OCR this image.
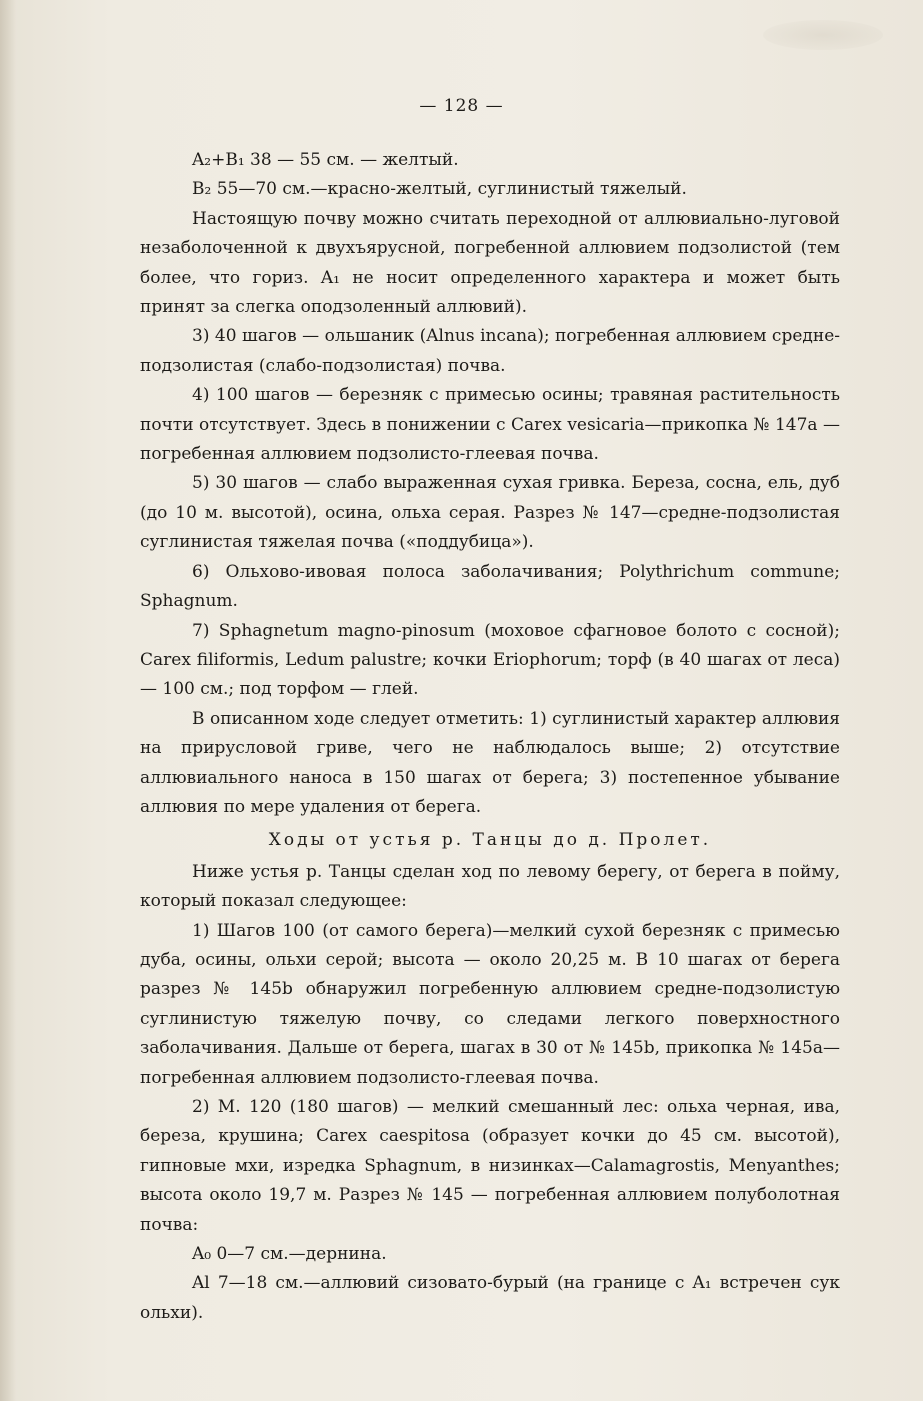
— 128 —

A₂+B₁ 38 — 55 см. — желтый.

B₂ 55—70 см.—красно-желтый, суглинистый тяжелый.

Настоящую почву можно считать переходной от аллювиально-луговой незаболоченной к двухъярусной, погребенной аллювием подзолистой (тем более, что гориз. A₁ не носит определенного характера и может быть принят за слегка оподзоленный аллювий).

3) 40 шагов — ольшаник (Alnus incana); погребенная аллювием средне-подзолистая (слабо-подзолистая) почва.

4) 100 шагов — березняк с примесью осины; травяная растительность почти отсутствует. Здесь в понижении с Carex vesicaria—прикопка № 147a — погребенная аллювием подзолисто-глеевая почва.

5) 30 шагов — слабо выраженная сухая гривка. Береза, сосна, ель, дуб (до 10 м. высотой), осина, ольха серая. Разрез № 147—средне-подзолистая суглинистая тяжелая почва («поддубица»).

6) Ольхово-ивовая полоса заболачивания; Polythrichum commune; Sphagnum.

7) Sphagnetum magno-pinosum (моховое сфагновое болото с сосной); Carex filiformis, Ledum palustre; кочки Eriophorum; торф (в 40 шагах от леса) — 100 см.; под торфом — глей.

В описанном ходе следует отметить: 1) суглинистый характер аллювия на прирусловой гриве, чего не наблюдалось выше; 2) отсутствие аллювиального наноса в 150 шагах от берега; 3) постепенное убывание аллювия по мере удаления от берега.

Ходы от устья р. Танцы до д. Пролет.

Ниже устья р. Танцы сделан ход по левому берегу, от берега в пойму, который показал следующее:

1) Шагов 100 (от самого берега)—мелкий сухой березняк с примесью дуба, осины, ольхи серой; высота — около 20,25 м. В 10 шагах от берега разрез № 145b обнаружил погребенную аллювием средне-подзолистую суглинистую тяжелую почву, со следами легкого поверхностного заболачивания. Дальше от берега, шагах в 30 от № 145b, прикопка № 145a—погребенная аллювием подзолисто-глеевая почва.

2) М. 120 (180 шагов) — мелкий смешанный лес: ольха черная, ива, береза, крушина; Carex caespitosa (образует кочки до 45 см. высотой), гипновые мхи, изредка Sphagnum, в низинках—Calamagrostis, Menyanthes; высота около 19,7 м. Разрез № 145 — погребенная аллювием полуболотная почва:

A₀ 0—7 см.—дернина.

Al 7—18 см.—аллювий сизовато-бурый (на границе с A₁ встречен сук ольхи).
